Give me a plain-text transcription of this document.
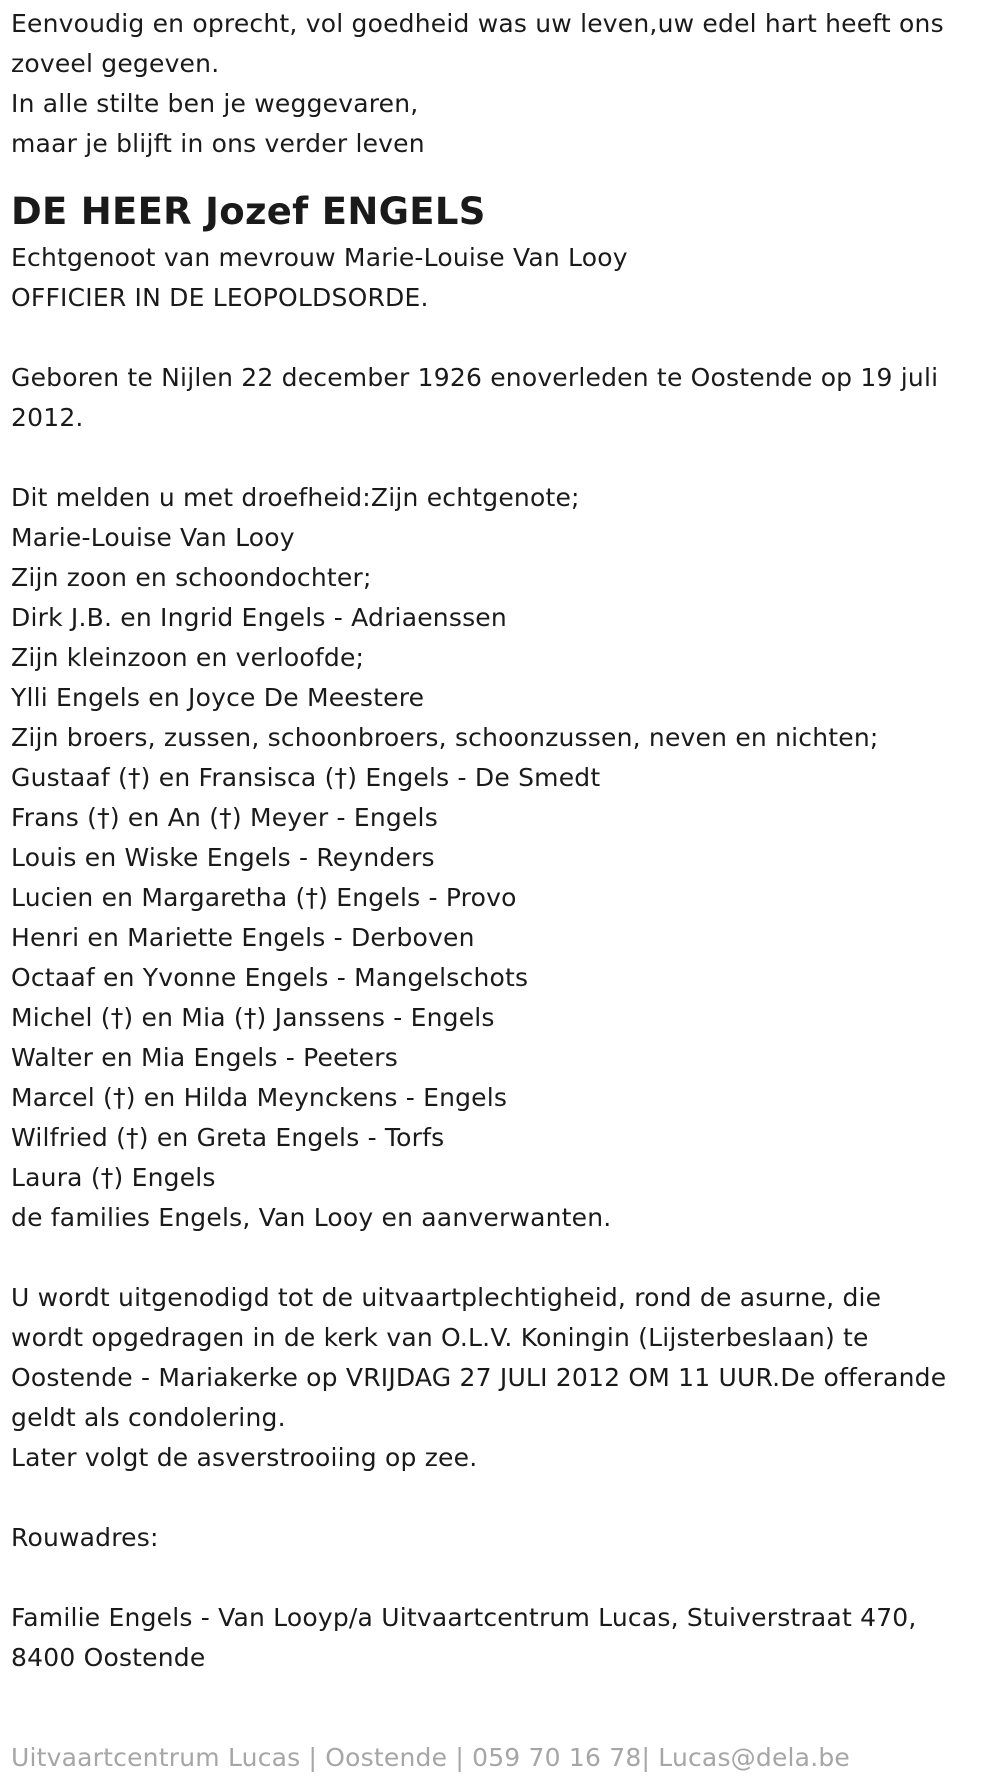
Eenvoudig en oprecht, vol goedheid was uw leven,uw edel hart heeft ons
zoveel gegeven.
In alle stilte ben je weggevaren,
maar je blijft in ons verder leven
DE HEER Jozef ENGELS
Echtgenoot van mevrouw Marie-Louise Van Looy
OFFICIER IN DE LEOPOLDSORDE.
Geboren te Nijlen 22 december 1926 enoverleden te Oostende op 19 juli
2012.
Dit melden u met droefheid:Zijn echtgenote;
Marie-Louise Van Looy
Zijn zoon en schoondochter;
Dirk J.B. en Ingrid Engels - Adriaenssen
Zijn kleinzoon en verloofde;
Ylli Engels en Joyce De Meestere
Zijn broers, zussen, schoonbroers, schoonzussen, neven en nichten;
Gustaaf (†) en Fransisca (†) Engels - De Smedt
Frans (†) en An (†) Meyer - Engels
Louis en Wiske Engels - Reynders
Lucien en Margaretha (†) Engels - Provo
Henri en Mariette Engels - Derboven
Octaaf en Yvonne Engels - Mangelschots
Michel (†) en Mia (†) Janssens - Engels
Walter en Mia Engels - Peeters
Marcel (†) en Hilda Meynckens - Engels
Wilfried (†) en Greta Engels - Torfs
Laura (†) Engels
de families Engels, Van Looy en aanverwanten.
U wordt uitgenodigd tot de uitvaartplechtigheid, rond de asurne, die
wordt opgedragen in de kerk van O.L.V. Koningin (Lijsterbeslaan) te
Oostende - Mariakerke op VRIJDAG 27 JULI 2012 OM 11 UUR.De offerande
geldt als condolering.
Later volgt de asverstrooiing op zee.
Rouwadres:
Familie Engels - Van Looyp/a Uitvaartcentrum Lucas, Stuiverstraat 470,
8400 Oostende
Uitvaartcentrum Lucas | Oostende | 059 70 16 78| Lucas@dela.be
